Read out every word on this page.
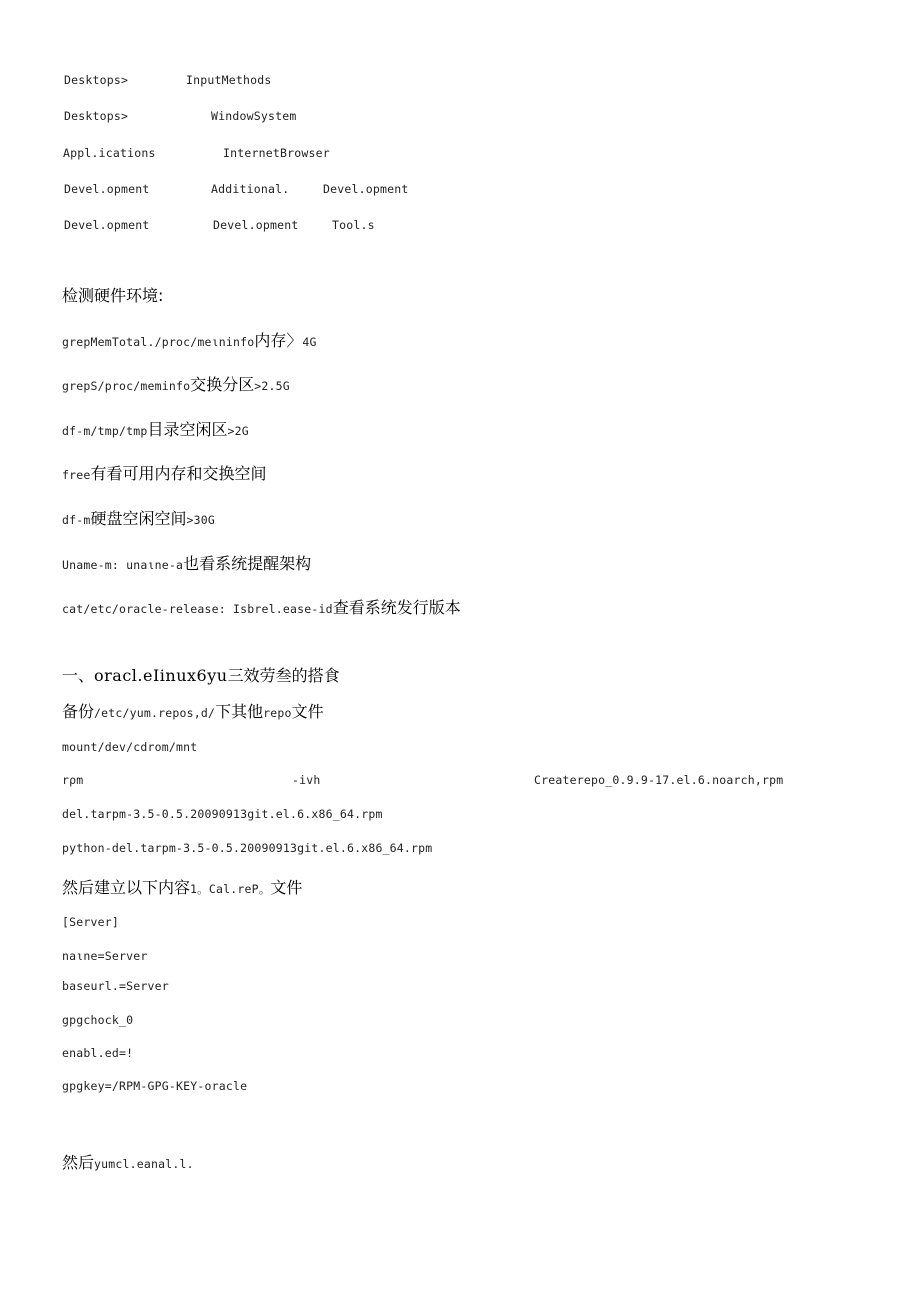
Desktops>	InputMethods
Desktops>	WindowSystem
Appl.ications	InternetBrowser
Devel.opment	Additional.	Devel.opment
Devel.opment	Devel.opment	Tool.s
检测硬件环境:
grepMemTotal./proc/meιninfo内存〉4G
grepS/proc/meminfo交换分区>2.5G
df-m/tmp/tmp目录空闲区>2G
free有看可用内存和交换空间
df-m硬盘空闲空间>30G
Uname-m: unaιne-a也看系统提醒架构
cat/etc/oracle-release: Isbrel.ease-id查看系统发行版本
一、oracl.eIinux6yu三效劳叁的搭食
备份/etc/yum.repos,d/下其他repo文件
mount/dev/cdrom/mnt
rρm	-ivh	Createrepo_0.9.9-17.el.6.noarch,rpm
del.tarpm-3.5-0.5.20090913git.el.6.x86_64.rpm
python-del.tarpm-3.5-0.5.20090913git.el.6.x86_64.rpm
然后建立以下内容1。Cal.reP。文件
[Server]
naιne=Server
baseurl.=Server
gpgchock_0
enabl.ed=!
gpgkey=/RPM-GPG-KEY-oracle
然后yumcl.eanal.l.
